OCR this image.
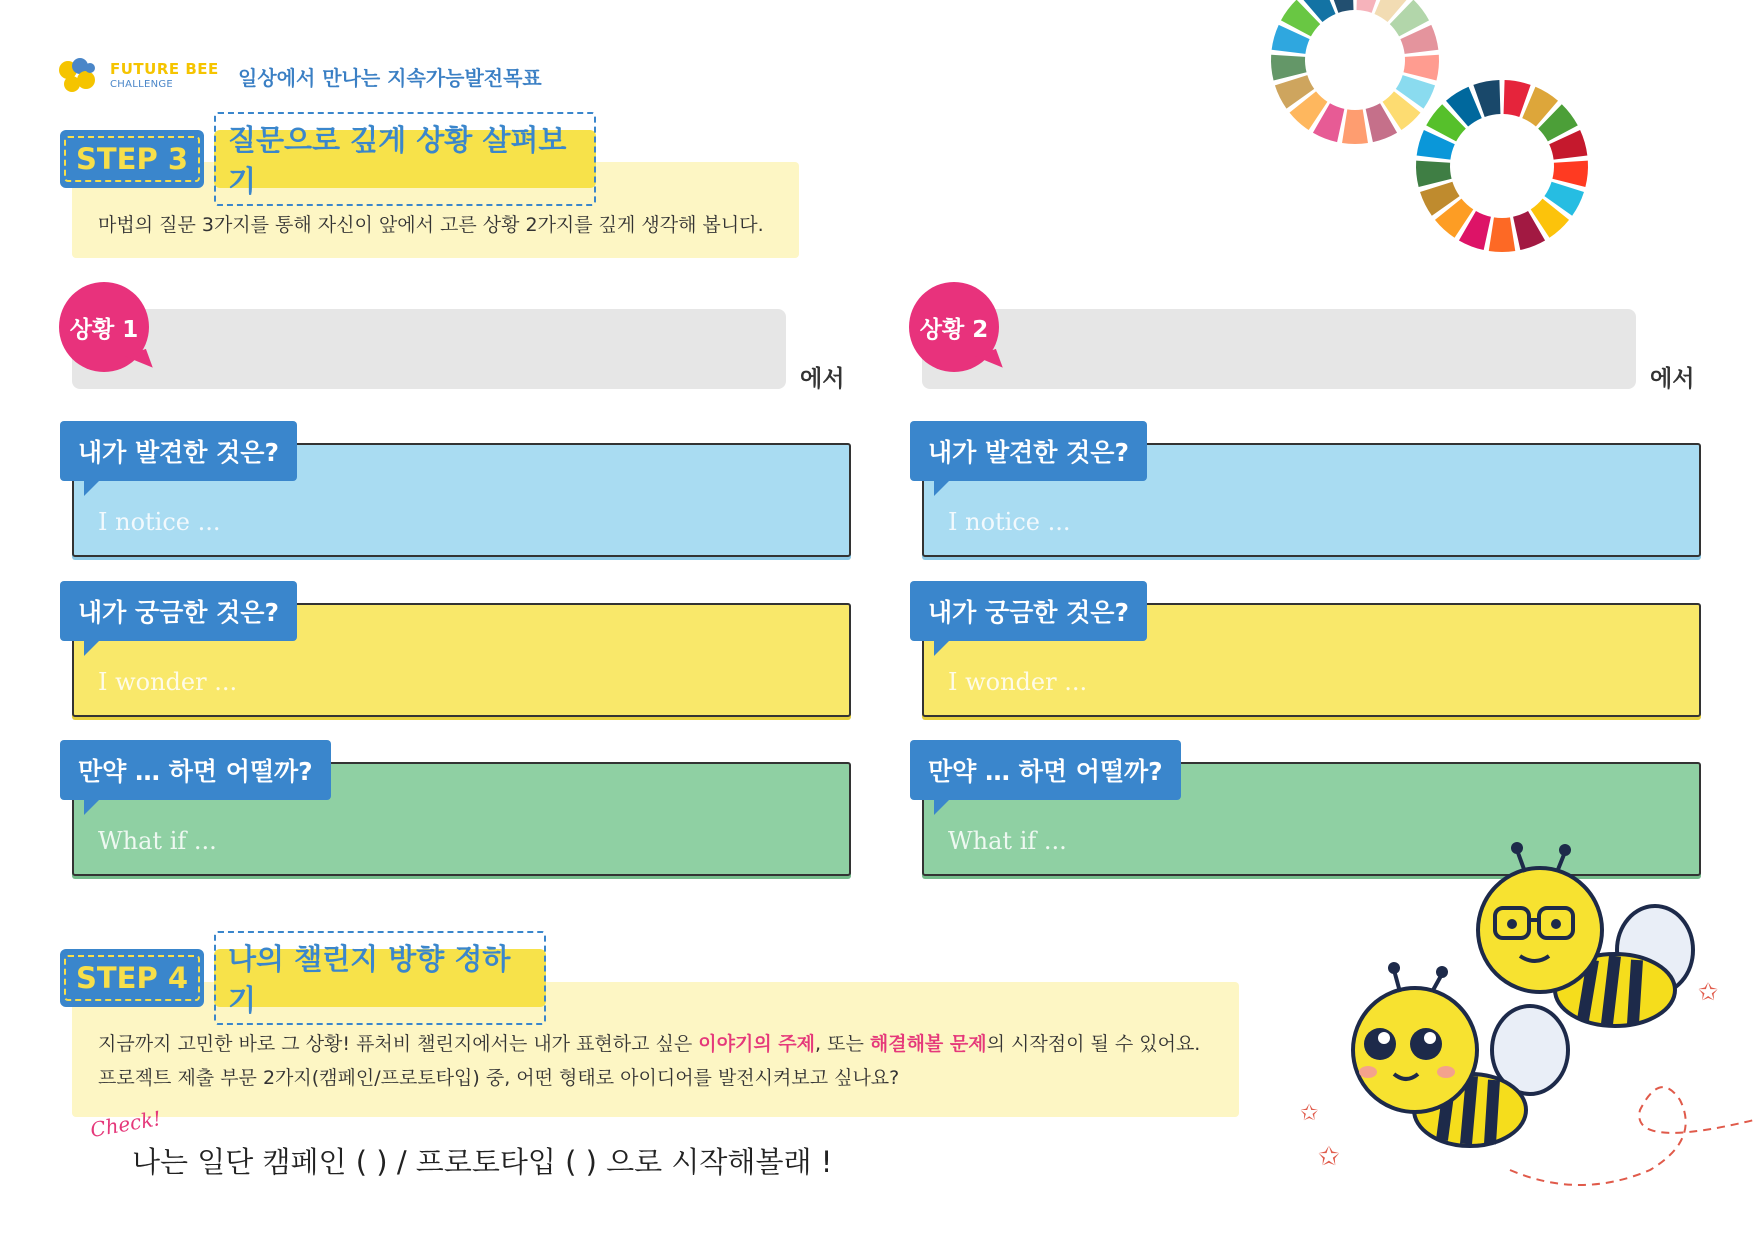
FUTURE BEE
CHALLENGE	일상에서 만나는 지속가능발전목표
STEP 3
질문으로 깊게 상황 살펴보기
마법의 질문 3가지를 통해 자신이 앞에서 고른 상황 2가지를 깊게 생각해 봅니다.
상황 1
에서
상황 2
에서
내가 발견한 것은?
I notice ...
내가 궁금한 것은?
I wonder ...
만약 … 하면 어떨까?
What if ...
내가 발견한 것은?
I notice ...
내가 궁금한 것은?
I wonder ...
만약 … 하면 어떨까?
What if ...
STEP 4
나의 챌린지 방향 정하기
지금까지 고민한 바로 그 상황! 퓨처비 챌린지에서는 내가 표현하고 싶은 이야기의 주제, 또는 해결해볼 문제의 시작점이 될 수 있어요.
프로젝트 제출 부문 2가지(캠페인/프로토타입) 중, 어떤 형태로 아이디어를 발전시켜보고 싶나요?
Check!
나는 일단 캠페인 ( ) / 프로토타입 ( ) 으로 시작해볼래 !
✩
✩
✩
